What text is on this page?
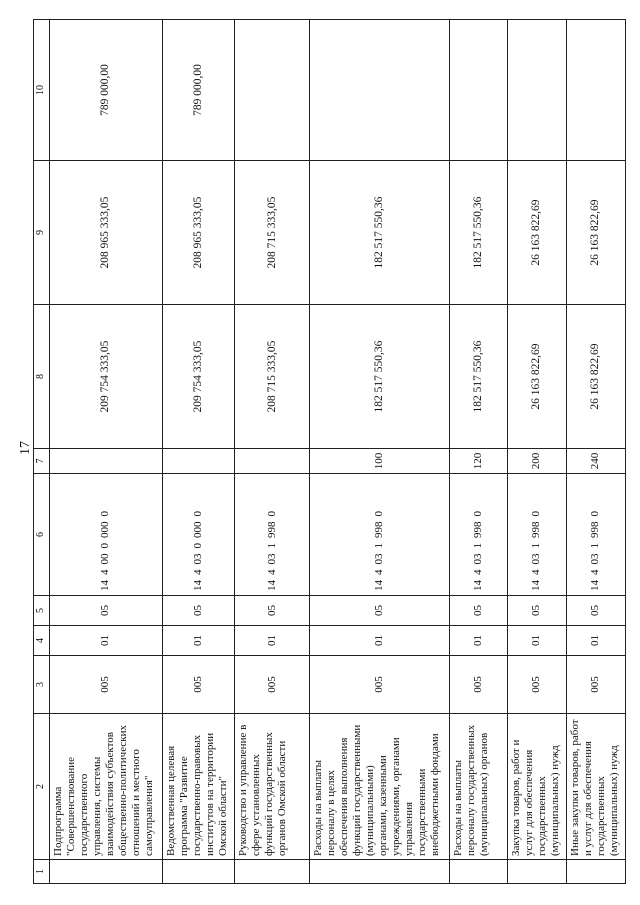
17
1	2	3	4	5	6	7	8	9	10
	Подпрограмма "Совершенствование государственного управления, системы взаимодействия субъектов общественно-политических отношений и местного самоуправления"	005	01	05	1440000000		209 754 333,05	208 965 333,05	789 000,00
	Ведомственная целевая программа "Развитие государственно-правовых институтов на территории Омской области"	005	01	05	1440300000		209 754 333,05	208 965 333,05	789 000,00
	Руководство и управление в сфере установленных функций государственных органов Омской области	005	01	05	1440319980		208 715 333,05	208 715 333,05	
	Расходы на выплаты персоналу в целях обеспечения выполнения функций государственными (муниципальными) органами, казенными учреждениями, органами управления государственными внебюджетными фондами	005	01	05	1440319980	100	182 517 550,36	182 517 550,36	
	Расходы на выплаты персоналу государственных (муниципальных) органов	005	01	05	1440319980	120	182 517 550,36	182 517 550,36	
	Закупка товаров, работ и услуг для обеспечения государственных (муниципальных) нужд	005	01	05	1440319980	200	26 163 822,69	26 163 822,69	
	Иные закупки товаров, работ и услуг для обеспечения государственных (муниципальных) нужд	005	01	05	1440319980	240	26 163 822,69	26 163 822,69	
